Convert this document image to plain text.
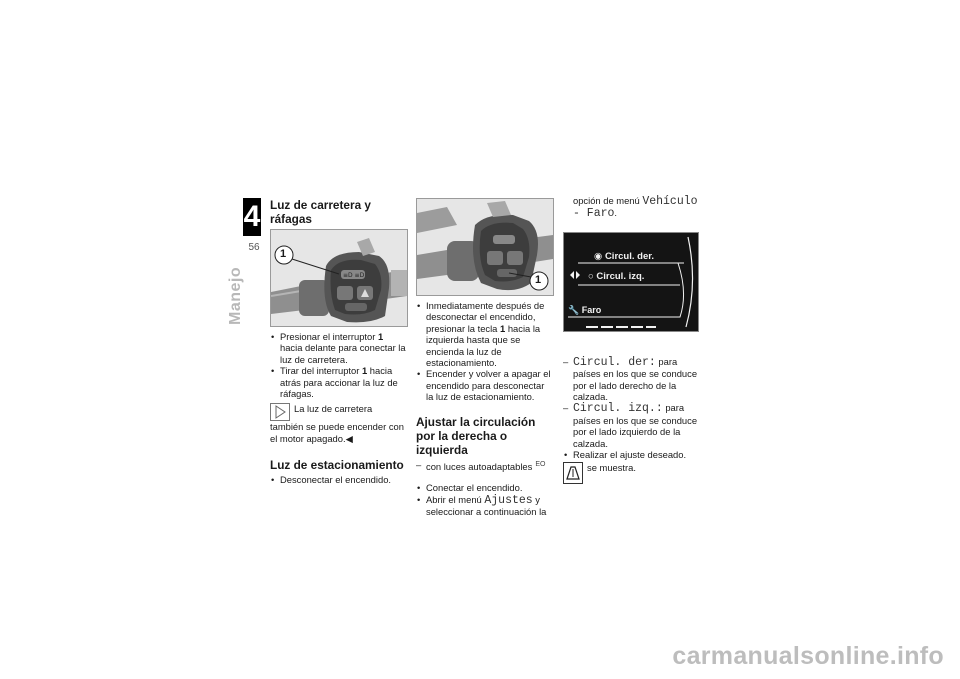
4
56
Manejo
Luz de carretera y ráfagas
≡D ≡D
1
• Presionar el interruptor 1 hacia delante para conectar la luz de carretera.
• Tirar del interruptor 1 hacia atrás para accionar la luz de ráfagas.
La luz de carretera también se puede encender con el motor apagado.◀
Luz de estacionamiento
• Desconectar el encendido.
1
• Inmediatamente después de desconectar el encendido, presionar la tecla 1 hacia la izquierda hasta que se encienda la luz de estacionamiento.
• Encender y volver a apagar el encendido para desconectar la luz de estacionamiento.
Ajustar la circulación por la derecha o izquierda
– con luces autoadaptables $^{EO}$
• Conectar el encendido.
• Abrir el menú Ajustes y seleccionar a continuación la
opción de menú Vehículo - Faro.
◉ Circul. der.
○ Circul. izq.
🔧 Faro
– Circul. der: para países en los que se conduce por el lado derecho de la calzada.
– Circul. izq.: para países en los que se conduce por el lado izquierdo de la calzada.
• Realizar el ajuste deseado.
se muestra.
carmanualsonline.info
